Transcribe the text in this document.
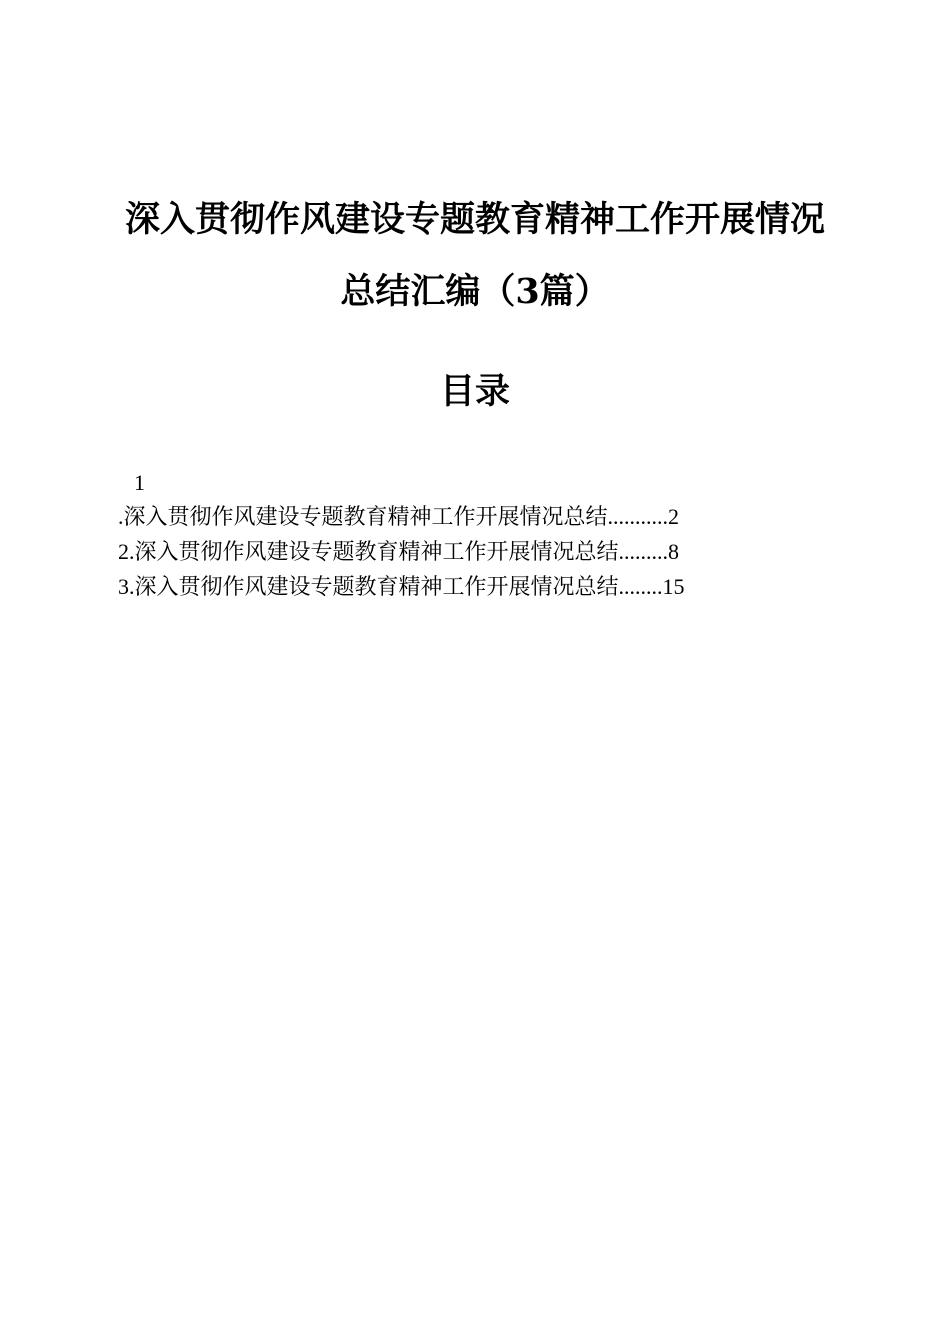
深入贯彻作风建设专题教育精神工作开展情况
总结汇编（3篇）
目录
1
.深入贯彻作风建设专题教育精神工作开展情况总结...........2
2.深入贯彻作风建设专题教育精神工作开展情况总结.........8
3.深入贯彻作风建设专题教育精神工作开展情况总结........15
